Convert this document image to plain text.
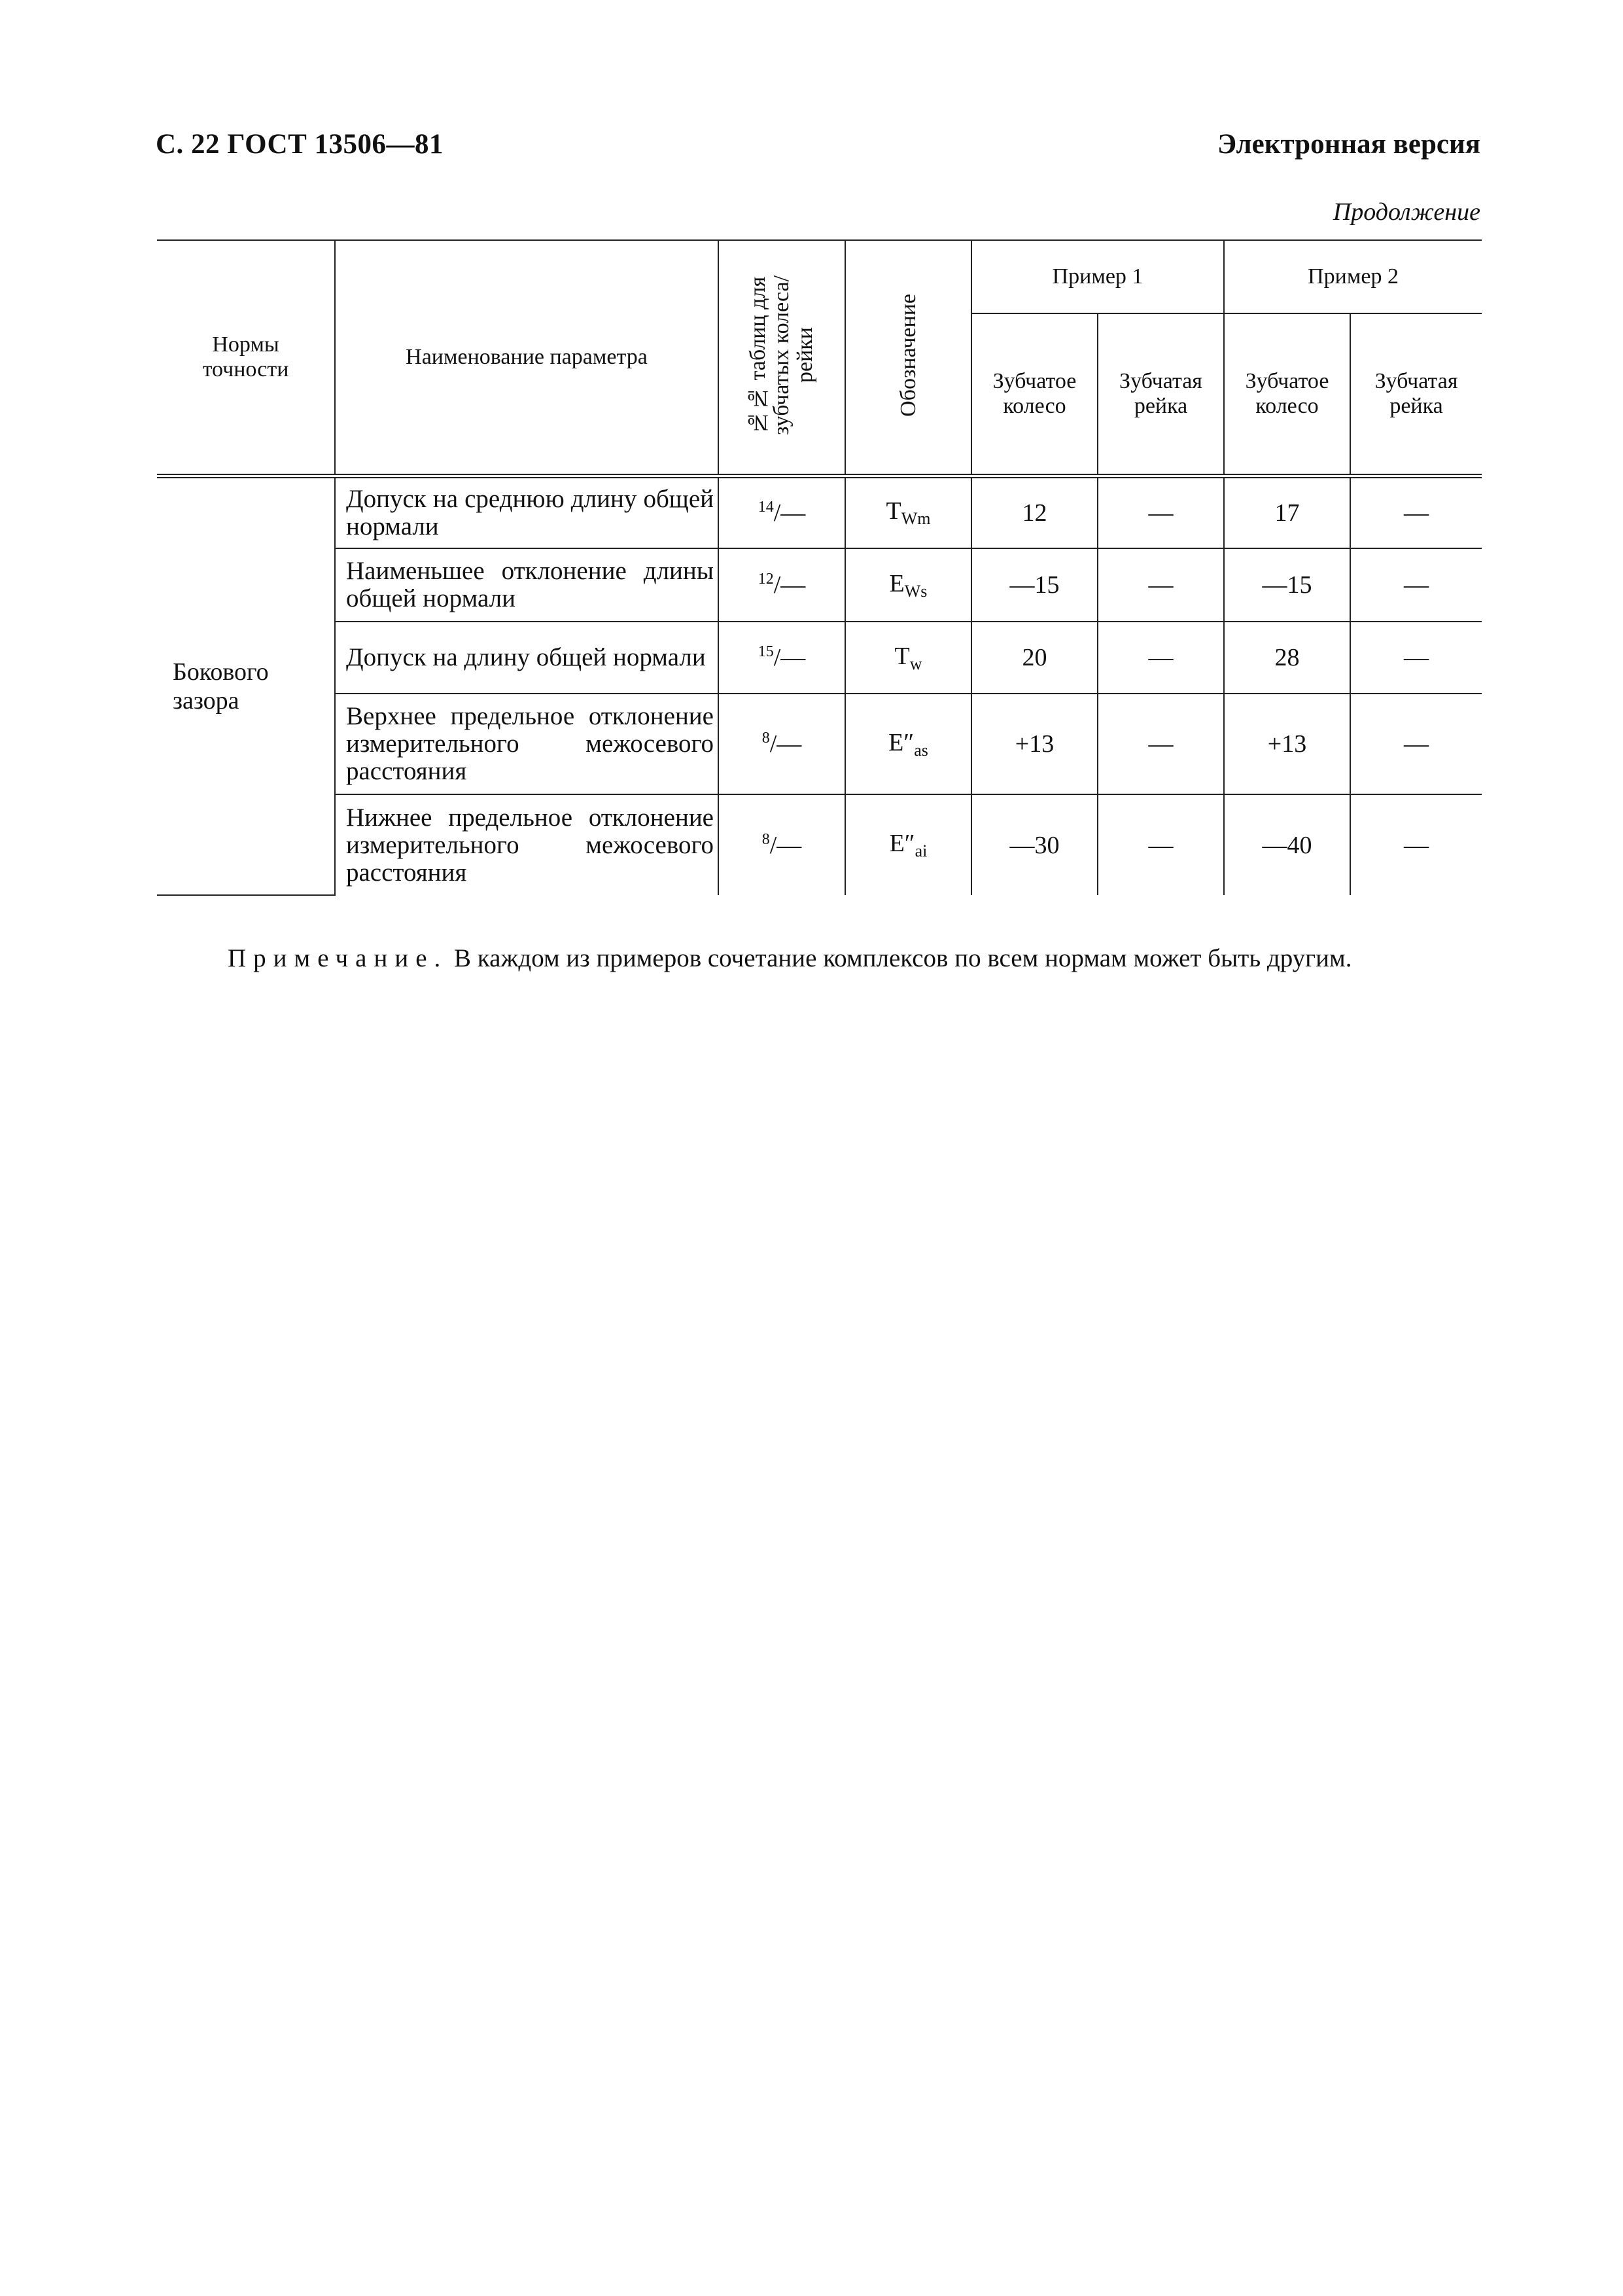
С. 22 ГОСТ 13506—81	Электронная версия
Продолжение
Нормы точности	Наименование параметра	№№ таблиц для зубчатых колеса/рейки	Обозначение	Пример 1		Пример 2	
				Зубчатое колесо	Зубчатая рейка	Зубчатое колесо	Зубчатая рейка

Бокового зазора	Допуск на среднюю длину общей нормали	$^{14}$/—	$T_{Wm}$	12	—	17	—
	Наименьшее отклонение длины общей нормали	$^{12}$/—	$E_{Ws}$	—15	—	—15	—
	Допуск на длину общей нормали	$^{15}$/—	$T_w$	20	—	28	—
	Верхнее предельное отклонение измерительного межосевого расстояния	$^8$/—	$E''_{as}$	+13	—	+13	—
	Нижнее предельное отклонение измерительного межосевого расстояния	$^8$/—	$E''_{ai}$	—30	—	—40	—
Примечание. В каждом из примеров сочетание комплексов по всем нормам может быть другим.
